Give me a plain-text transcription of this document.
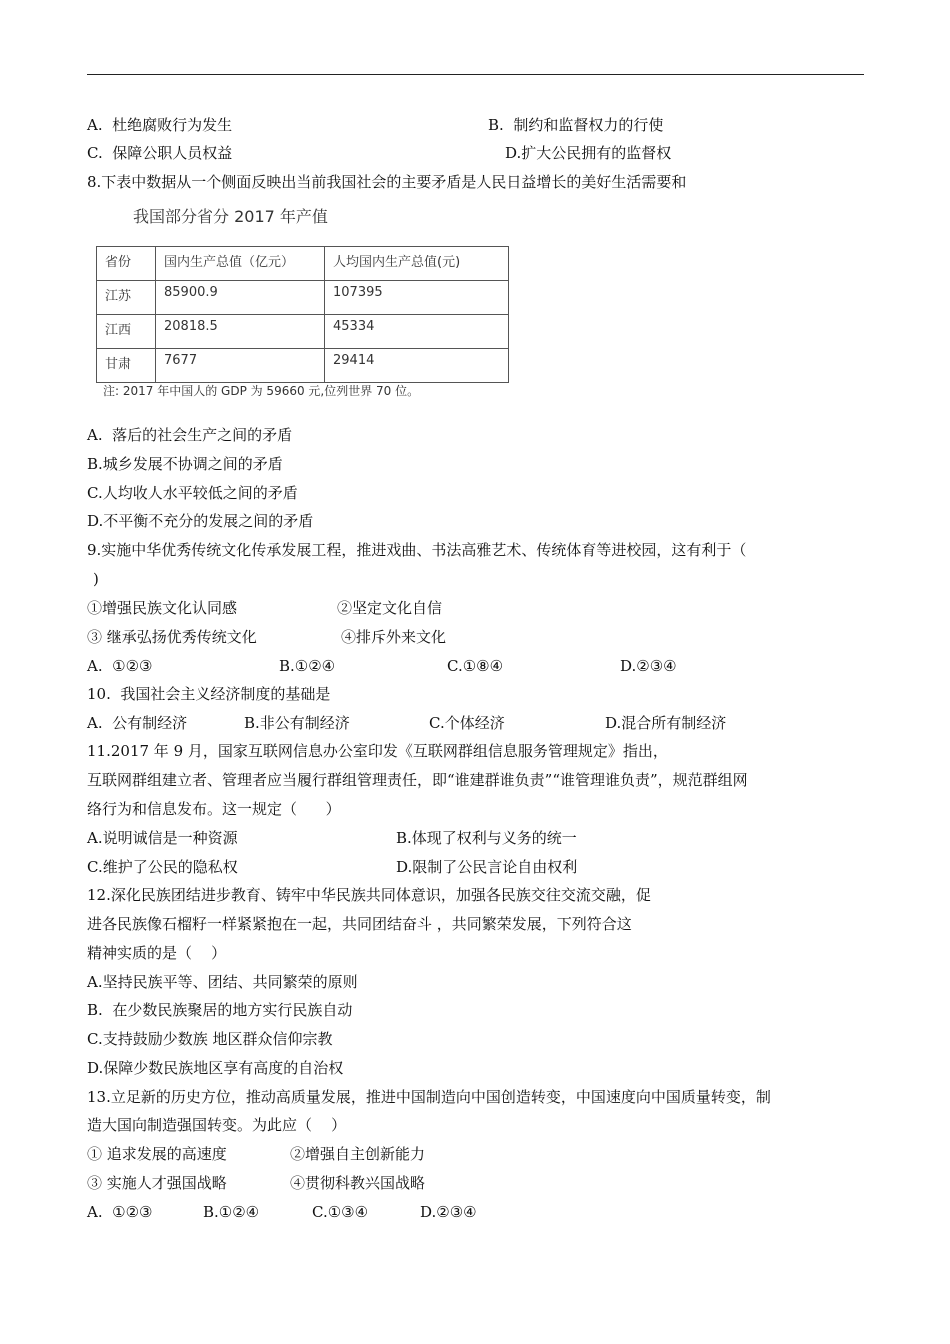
A.  杜绝腐败行为发生	B.  制约和监督权力的行使
C.  保障公职人员权益	D.扩大公民拥有的监督权
8.下表中数据从一个侧面反映出当前我国社会的主要矛盾是人民日益增长的美好生活需要和
我国部分省分 2017 年产值
省份	国内生产总值（亿元）	人均国内生产总值(元)
江苏	85900.9	107395
江西	20818.5	45334
甘肃	7677	29414
注: 2017 年中国人的 GDP 为 59660 元,位列世界 70 位。
A.  落后的社会生产之间的矛盾
B.城乡发展不协调之间的矛盾
C.人均收人水平较低之间的矛盾
D.不平衡不充分的发展之间的矛盾
9.实施中华优秀传统文化传承发展工程，推进戏曲、书法高雅艺术、传统体育等进校园，这有利于（
)
①增强民族文化认同感	②坚定文化自信
③ 继承弘扬优秀传统文化	④排斥外来文化
A.  ①②③	B.①②④	C.①⑧④	D.②③④
10.  我国社会主义经济制度的基础是
A.  公有制经济	B.非公有制经济	C.个体经济	D.混合所有制经济
11.2017 年 9 月，国家互联网信息办公室印发《互联网群组信息服务管理规定》指出，
互联网群组建立者、管理者应当履行群组管理责任，即“谁建群谁负责”“谁管理谁负责”，规范群组网
络行为和信息发布。这一规定（      ）
A.说明诚信是一种资源	B.体现了权利与义务的统一
C.维护了公民的隐私权	D.限制了公民言论自由权利
12.深化民族团结进步教育、铸牢中华民族共同体意识，加强各民族交往交流交融，促
进各民族像石榴籽一样紧紧抱在一起，共同团结奋斗 ，共同繁荣发展，下列符合这
精神实质的是（    ）
A.坚持民族平等、团结、共同繁荣的原则
B.  在少数民族聚居的地方实行民族自动
C.支持鼓励少数族 地区群众信仰宗教
D.保障少数民族地区享有高度的自治权
13.立足新的历史方位，推动高质量发展，推进中国制造向中国创造转变，中国速度向中国质量转变，制
造大国向制造强国转变。为此应（    ）
① 追求发展的高速度	②增强自主创新能力
③ 实施人才强国战略	④贯彻科教兴国战略
A.  ①②③	B.①②④	C.①③④	D.②③④
